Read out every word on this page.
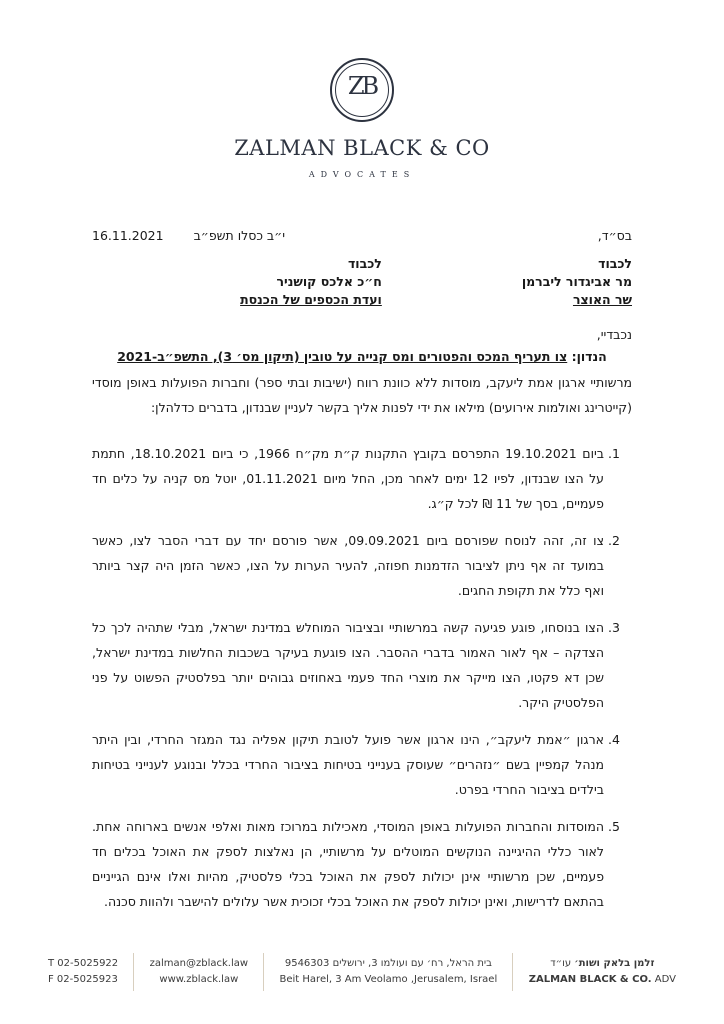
ZB
ZALMAN BLACK & CO
ADVOCATES
בס״ד,
י״ב כסלו תשפ״ב
16.11.2021
לכבוד
מר אביגדור ליברמן
שר האוצר
לכבוד
ח״כ אלכס קושניר
ועדת הכספים של הכנסת
נכבדיי,
הנדון: צו תעריף המכס והפטורים ומס קנייה על טובין (תיקון מס׳ 3), התשפ״ב-2021
מרשותיי ארגון אמת ליעקב, מוסדות ללא כוונת רווח (ישיבות ובתי ספר) וחברות הפועלות באופן מוסדי (קייטרינג ואולמות אירועים) מילאו את ידי לפנות אליך בקשר לעניין שבנדון, בדברים כדלהלן:
1. ביום 19.10.2021 התפרסם בקובץ התקנות ק״ת מק״ח 1966, כי ביום 18.10.2021, חתמת על הצו שבנדון, לפיו 12 ימים לאחר מכן, החל מיום 01.11.2021, יוטל מס קניה על כלים חד פעמיים, בסך של 11 ₪ לכל ק״ג.
2. צו זה, זהה לנוסח שפורסם ביום 09.09.2021, אשר פורסם יחד עם דברי הסבר לצו, כאשר במועד זה אף ניתן לציבור הזדמנות חפוזה, להעיר הערות על הצו, כאשר הזמן היה קצר ביותר ואף כלל את תקופת החגים.
3. הצו בנוסחו, פוגע פגיעה קשה במרשותיי ובציבור המוחלש במדינת ישראל, מבלי שתהיה לכך כל הצדקה – אף לאור האמור בדברי ההסבר. הצו פוגעת בעיקר בשכבות החלשות במדינת ישראל, שכן דא פקטו, הצו מייקר את מוצרי החד פעמי באחוזים גבוהים יותר בפלסטיק הפשוט על פני הפלסטיק היקר.
4. ארגון ״אמת ליעקב״, הינו ארגון אשר פועל לטובת תיקון אפליה נגד המגזר החרדי, ובין היתר מנהל קמפיין בשם ״נזהרים״ שעוסק בענייני בטיחות בציבור החרדי בכלל ובנוגע לענייני בטיחות בילדים בציבור החרדי בפרט.
5. המוסדות והחברות הפועלות באופן המוסדי, מאכילות במרוכז מאות ואלפי אנשים בארוחה אחת. לאור כללי ההיגיינה הנוקשים המוטלים על מרשותיי, הן נאלצות לספק את האוכל בכלים חד פעמיים, שכן מרשותיי אינן יכולות לספק את האוכל בכלי פלסטיק, מהיות ואלו אינם הגייניים בהתאם לדרישות, ואינן יכולות לספק את האוכל בכלי זכוכית אשר עלולים להישבר ולהוות סכנה.
T 02-5025922
F 02-5025923
zalman@zblack.law
www.zblack.law
בית הראל, רח׳ עם ועולמו 3, ירושלים 9546303
Beit Harel, 3 Am Veolamo ,Jerusalem, Israel
זלמן בלאק ושות׳ עו״ד
ZALMAN BLACK & CO. ADV
